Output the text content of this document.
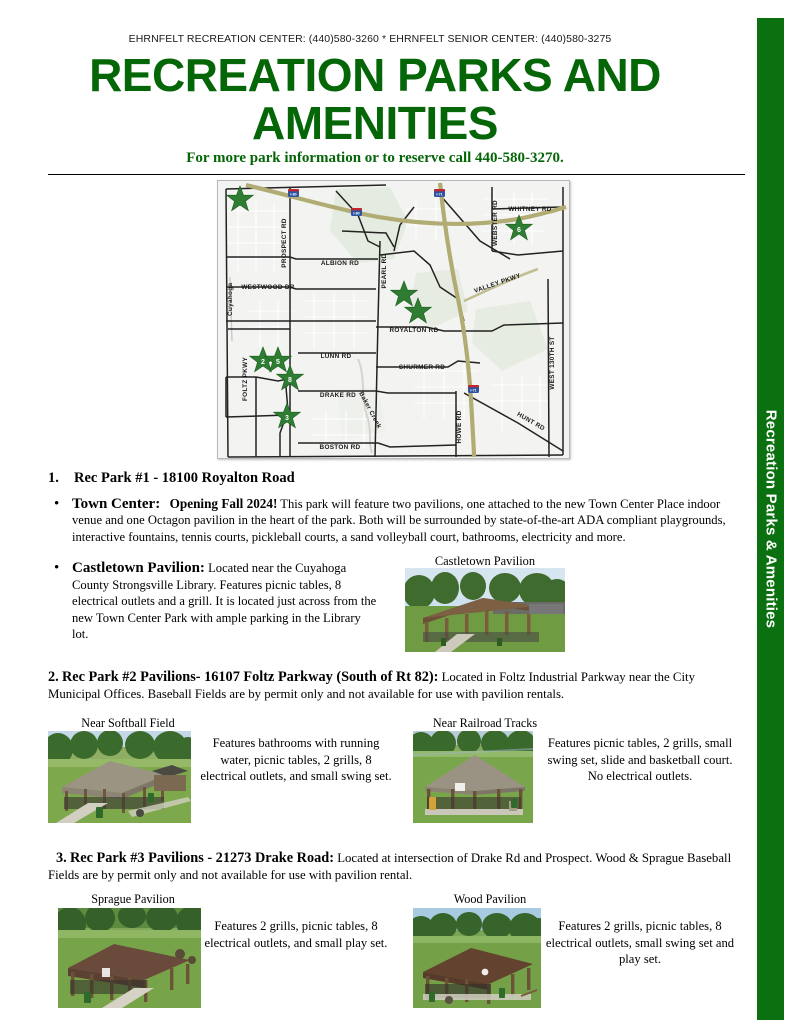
EHRNFELT RECREATION CENTER: (440)580-3260 * EHRNFELT SENIOR CENTER: (440)580-3275
RECREATION PARKS AND AMENITIES
For more park information or to reserve call 440-580-3270.
Cuyahoga
Baker Creek
I-80
I-80
I-71
I-71
PROSPECT RD	ALBION RD
WESTWOOD DR	PEARL RD
WEBSTER RD WHITNEY RD
VALLEY PKWY
ROYALTON RD
LUNN RD
SHURMER RD
FOLTZ PKWY	DRAKE RD
BOSTON RD
HOWE RD	HUNT RD
WEST 130TH ST
6
2 5
8
3
1. Rec Park #1 - 18100 Royalton Road
• Town Center: Opening Fall 2024! This park will feature two pavilions, one attached to the new Town Center Place indoor venue and one Octagon pavilion in the heart of the park. Both will be surrounded by state-of-the-art ADA compliant playgrounds, interactive fountains, tennis courts, pickleball courts, a sand volleyball court, bathrooms, electricity and more.
• Castletown Pavilion: Located near the Cuyahoga County Strongsville Library. Features picnic tables, 8 electrical outlets and a grill. It is located just across from the new Town Center Park with ample parking in the Library lot.
Castletown Pavilion
2. Rec Park #2 Pavilions- 16107 Foltz Parkway (South of Rt 82): Located in Foltz Industrial Parkway near the City Municipal Offices. Baseball Fields are by permit only and not available for use with pavilion rentals.
Near Softball Field
Features bathrooms with running water, picnic tables, 2 grills, 8 electrical outlets, and small swing set.
Near Railroad Tracks
Features picnic tables, 2 grills, small swing set, slide and basketball court. No electrical outlets.
3. Rec Park #3 Pavilions - 21273 Drake Road: Located at intersection of Drake Rd and Prospect. Wood & Sprague Baseball Fields are by permit only and not available for use with pavilion rental.
Sprague Pavilion
Features 2 grills, picnic tables, 8 electrical outlets, and small play set.
Wood Pavilion
Features 2 grills, picnic tables, 8 electrical outlets, small swing set and play set.
Recreation Parks & Amenities
